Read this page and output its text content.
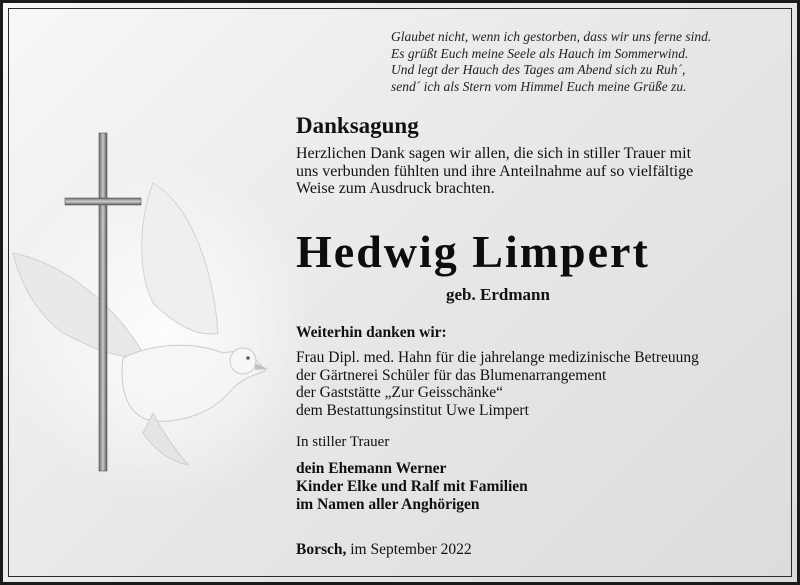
Glaubet nicht, wenn ich gestorben, dass wir uns ferne sind.
Es grüßt Euch meine Seele als Hauch im Sommerwind.
Und legt der Hauch des Tages am Abend sich zu Ruh´,
send´ ich als Stern vom Himmel Euch meine Grüße zu.
Danksagung
Herzlichen Dank sagen wir allen, die sich in stiller Trauer mit
uns verbunden fühlten und ihre Anteilnahme auf so vielfältige
Weise zum Ausdruck brachten.
Hedwig Limpert
geb. Erdmann
Weiterhin danken wir:
Frau Dipl. med. Hahn für die jahrelange medizinische Betreuung
der Gärtnerei Schüler für das Blumenarrangement
der Gaststätte „Zur Geisschänke“
dem Bestattungsinstitut Uwe Limpert
In stiller Trauer
dein Ehemann Werner
Kinder Elke und Ralf mit Familien
im Namen aller Anghörigen
Borsch, im September 2022
